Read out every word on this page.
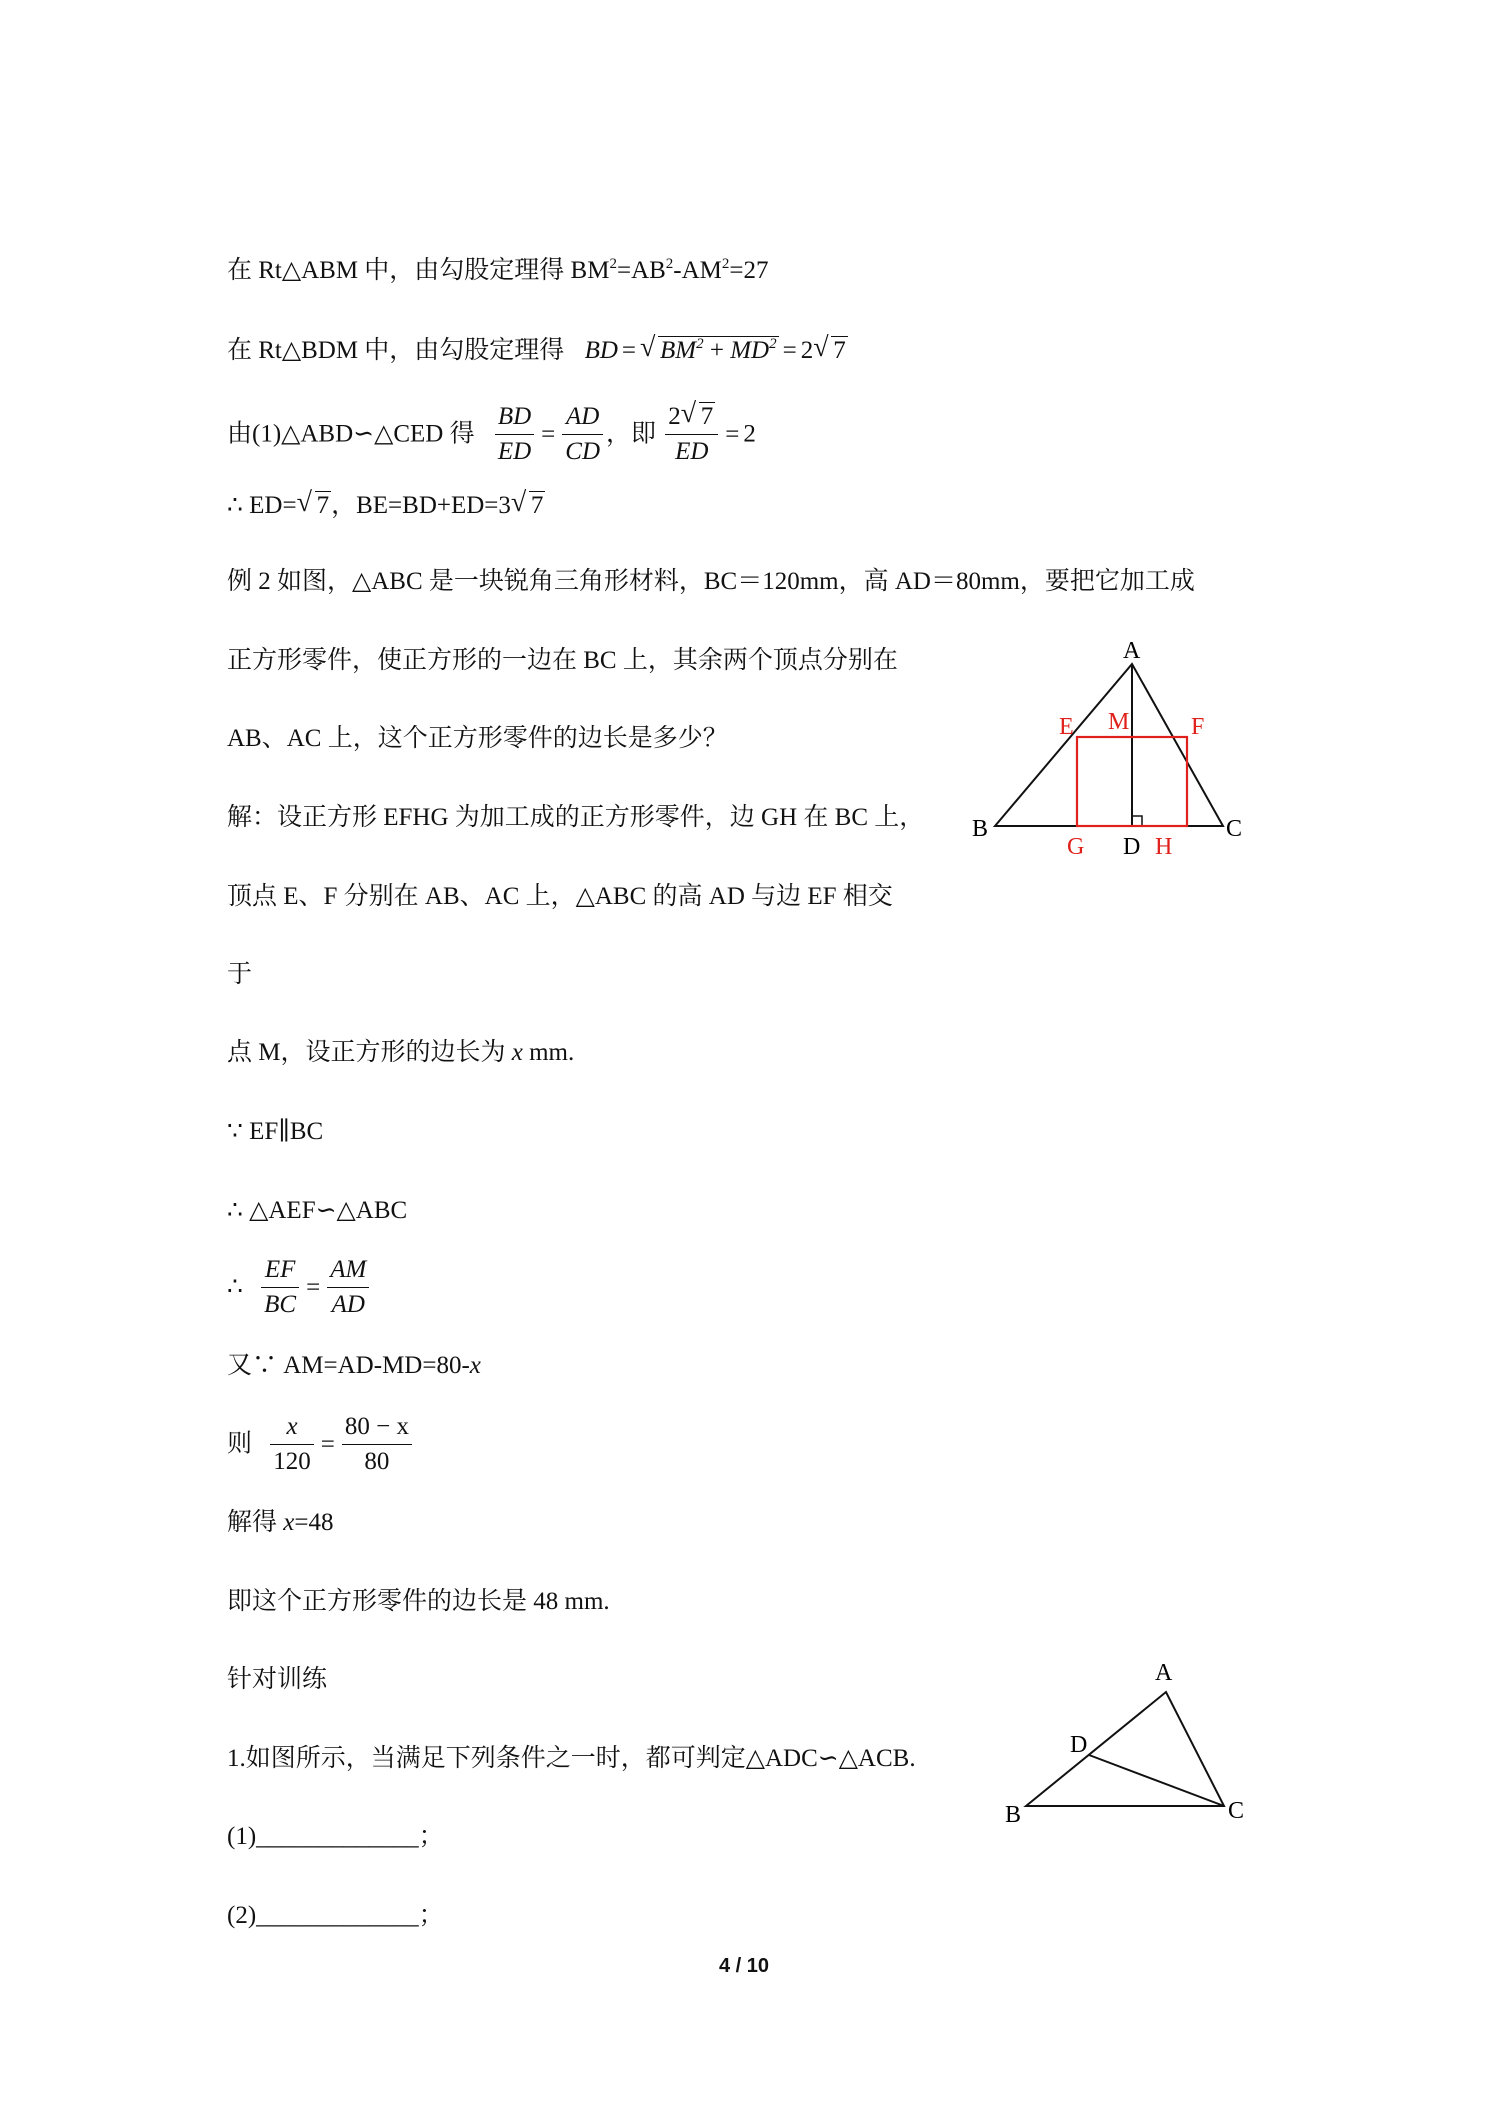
在 Rt△ABM 中，由勾股定理得 $BM^2=AB^2-AM^2=27$
在 Rt△BDM 中，由勾股定理得 BD =√ $BM^2 + MD^2 = 2√$ 7
由(1)△ABD∽△CED 得 $\frac{BD}{ED} = \frac{AD}{CD}$ ，即 $\frac{2√ 7}{ED} = 2$
∴ ED=√ 7，BE=BD+ED=3√ 7
例 2 如图，△ABC 是一块锐角三角形材料，BC＝120mm，高 AD＝80mm，要把它加工成
正方形零件，使正方形的一边在 BC 上，其余两个顶点分别在
AB、AC 上，这个正方形零件的边长是多少？
解：设正方形 EFHG 为加工成的正方形零件，边 GH 在 BC 上，
顶点 E、F 分别在 AB、AC 上，△ABC 的高 AD 与边 EF 相交
于
点 M，设正方形的边长为 x mm.
∵ EF∥BC
∴ △AEF∽△ABC
∴ $\frac{EF}{BC} = \frac{AM}{AD}$
又∵ AM=AD-MD=80-x
则 $\frac{x}{120} = \frac{80 - x}{80}$
解得 x=48
即这个正方形零件的边长是 48 mm.
针对训练
1.如图所示，当满足下列条件之一时，都可判定△ADC∽△ACB.
(1)_____________；
(2)_____________；
A
B	C
D
E	F
M
G	H
A
B	C
D
4 / 10
